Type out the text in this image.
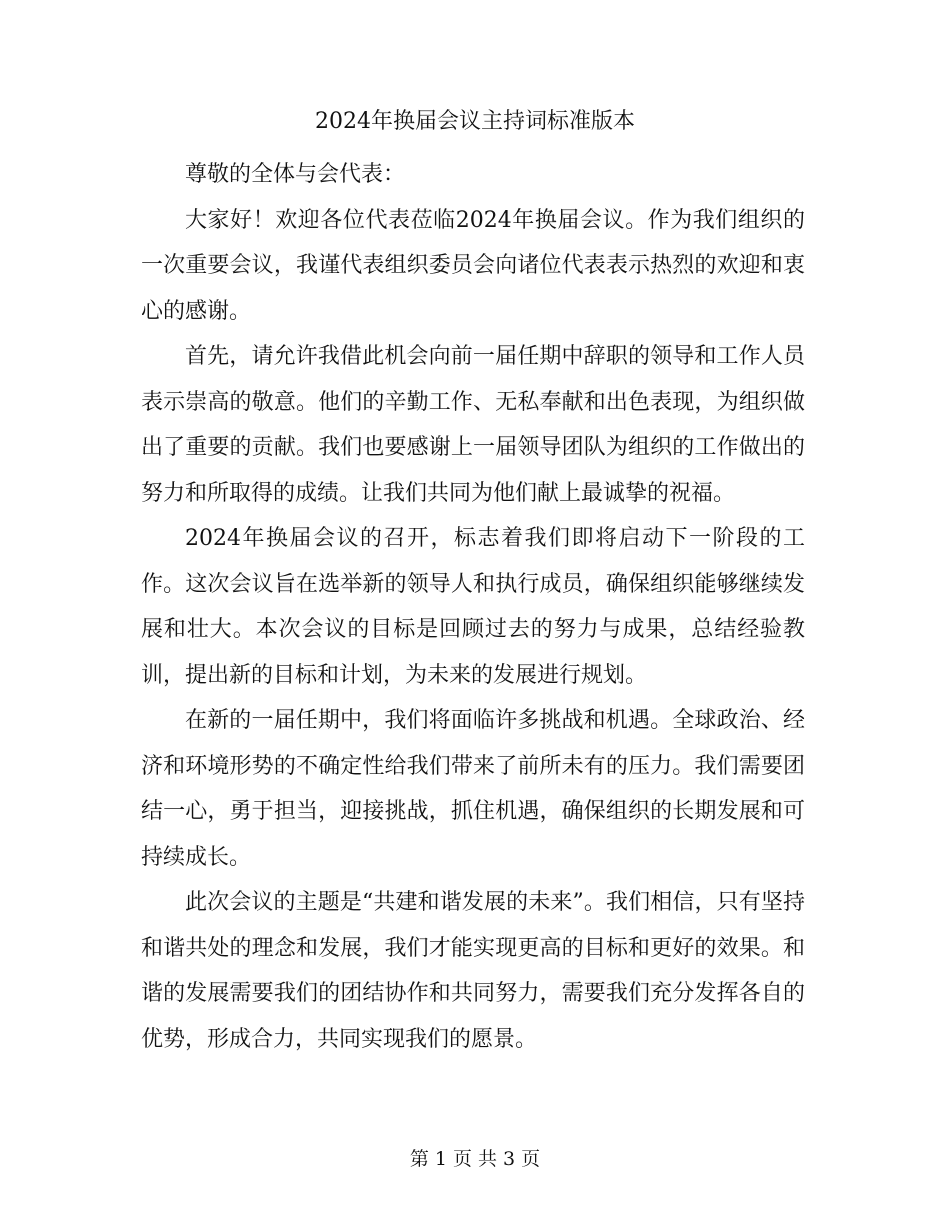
2024年换届会议主持词标准版本

尊敬的全体与会代表：

大家好！欢迎各位代表莅临2024年换届会议。作为我们组织的一次重要会议，我谨代表组织委员会向诸位代表表示热烈的欢迎和衷心的感谢。

首先，请允许我借此机会向前一届任期中辞职的领导和工作人员表示崇高的敬意。他们的辛勤工作、无私奉献和出色表现，为组织做出了重要的贡献。我们也要感谢上一届领导团队为组织的工作做出的努力和所取得的成绩。让我们共同为他们献上最诚挚的祝福。

2024年换届会议的召开，标志着我们即将启动下一阶段的工作。这次会议旨在选举新的领导人和执行成员，确保组织能够继续发展和壮大。本次会议的目标是回顾过去的努力与成果，总结经验教训，提出新的目标和计划，为未来的发展进行规划。

在新的一届任期中，我们将面临许多挑战和机遇。全球政治、经济和环境形势的不确定性给我们带来了前所未有的压力。我们需要团结一心，勇于担当，迎接挑战，抓住机遇，确保组织的长期发展和可持续成长。

此次会议的主题是“共建和谐发展的未来”。我们相信，只有坚持和谐共处的理念和发展，我们才能实现更高的目标和更好的效果。和谐的发展需要我们的团结协作和共同努力，需要我们充分发挥各自的优势，形成合力，共同实现我们的愿景。

第 1 页 共 3 页
